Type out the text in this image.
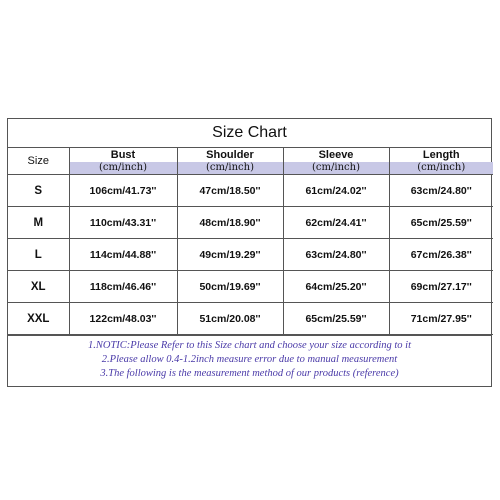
Size Chart
Size	Bust	Shoulder	Sleeve	Length
	(cm/inch)	(cm/inch)	(cm/inch)	(cm/inch)
S	106cm/41.73''	47cm/18.50''	61cm/24.02''	63cm/24.80''
M	110cm/43.31''	48cm/18.90''	62cm/24.41''	65cm/25.59''
L	114cm/44.88''	49cm/19.29''	63cm/24.80''	67cm/26.38''
XL	118cm/46.46''	50cm/19.69''	64cm/25.20''	69cm/27.17''
XXL	122cm/48.03''	51cm/20.08''	65cm/25.59''	71cm/27.95''
1.NOTIC:Please Refer to this Size chart and choose your size according to it
2.Please allow 0.4-1.2inch measure error due to manual measurement
3.The following is the measurement method of our products (reference)
